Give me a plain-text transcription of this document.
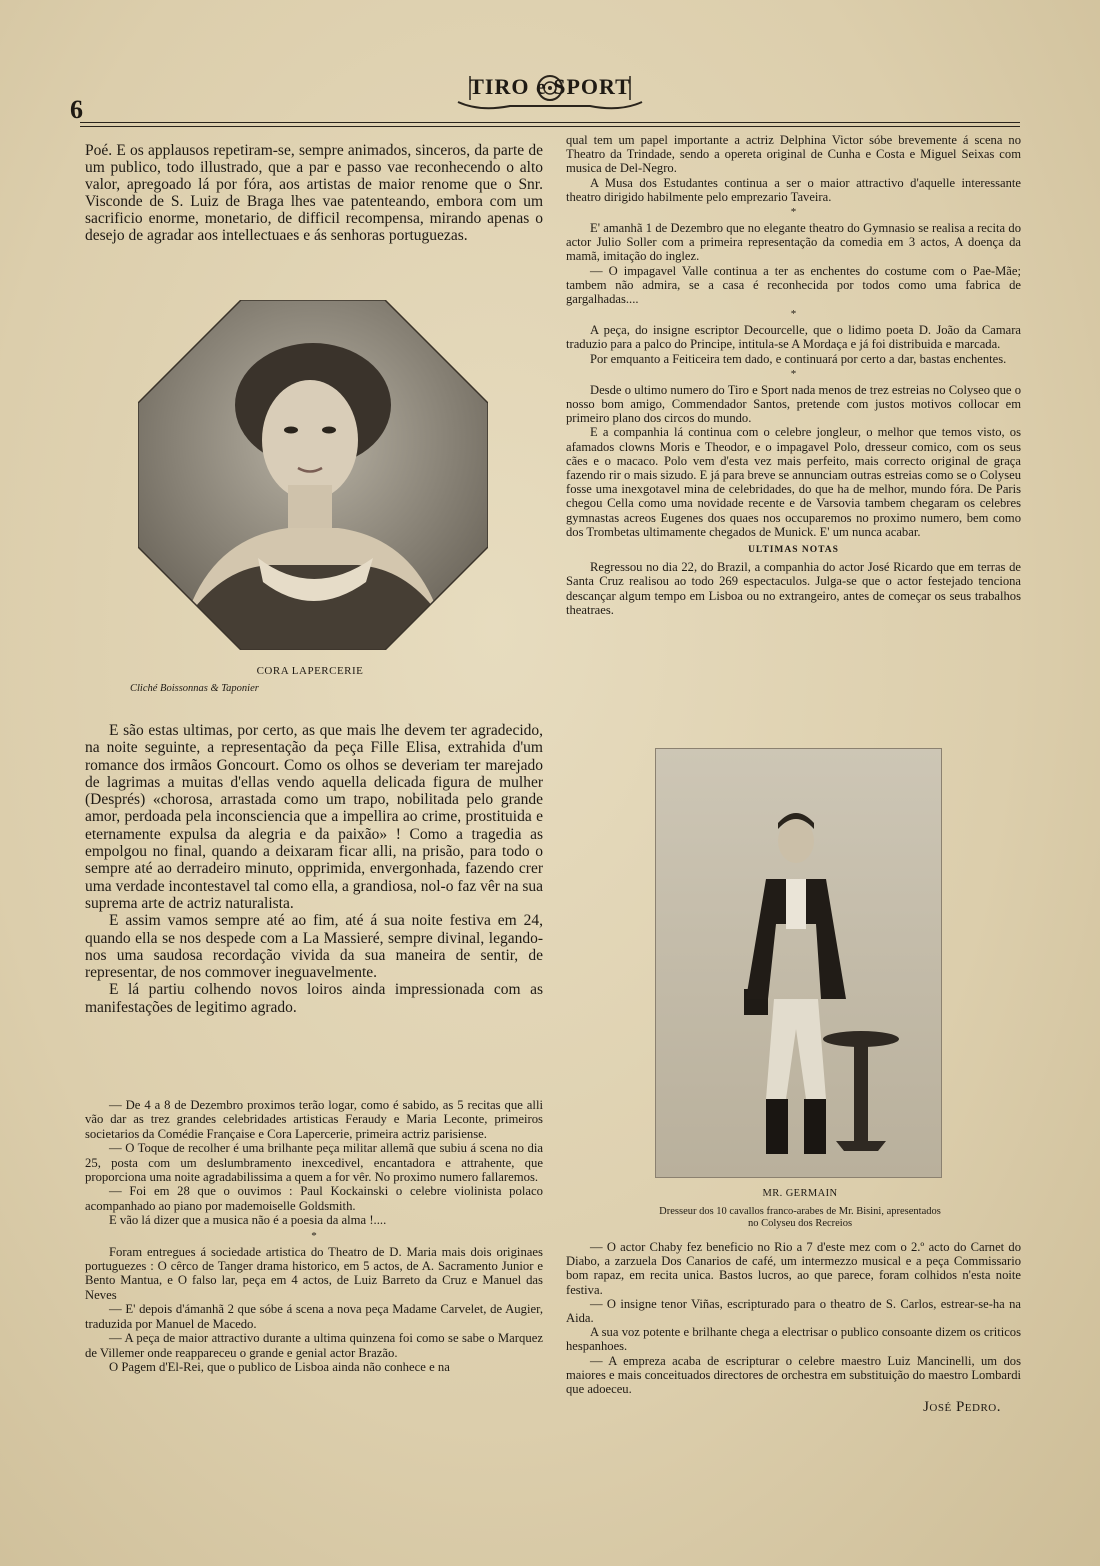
6
TIRO e SPORT

Poé. E os applausos repetiram-se, sempre animados, sinceros, da parte de um publico, todo illustrado, que a par e passo vae reconhecendo o alto valor, apregoado lá por fóra, aos artistas de maior renome que o Snr. Visconde de S. Luiz de Braga lhes vae patenteando, embora com um sacrificio enorme, monetario, de difficil recompensa, mirando apenas o desejo de agradar aos intellectuaes e ás senhoras portuguezas.

CORA LAPERCERIE
Cliché Boissonnas & Taponier

E são estas ultimas, por certo, as que mais lhe devem ter agradecido, na noite seguinte, a representação da peça Fille Elisa, extrahida d'um romance dos irmãos Goncourt. Como os olhos se deveriam ter marejado de lagrimas a muitas d'ellas vendo aquella delicada figura de mulher (Després) «chorosa, arrastada como um trapo, nobilitada pelo grande amor, perdoada pela inconsciencia que a impellira ao crime, prostituida e eternamente expulsa da alegria e da paixão» ! Como a tragedia as empolgou no final, quando a deixaram ficar alli, na prisão, para todo o sempre até ao derradeiro minuto, opprimida, envergonhada, fazendo crer uma verdade incontestavel tal como ella, a grandiosa, nol-o faz vêr na sua suprema arte de actriz naturalista.

E assim vamos sempre até ao fim, até á sua noite festiva em 24, quando ella se nos despede com a La Massieré, sempre divinal, legando-nos uma saudosa recordação vivida da sua maneira de sentir, de representar, de nos commover ineguavelmente.

E lá partiu colhendo novos loiros ainda impressionada com as manifestações de legitimo agrado.

— De 4 a 8 de Dezembro proximos terão logar, como é sabido, as 5 recitas que alli vão dar as trez grandes celebridades artisticas Feraudy e Maria Leconte, primeiros societarios da Comédie Française e Cora Lapercerie, primeira actriz parisiense.

— O Toque de recolher é uma brilhante peça militar allemã que subiu á scena no dia 25, posta com um deslumbramento inexcedivel, encantadora e attrahente, que proporciona uma noite agradabilissima a quem a for vêr. No proximo numero fallaremos.

— Foi em 28 que o ouvimos : Paul Kockainski o celebre violinista polaco acompanhado ao piano por mademoiselle Goldsmith.

E vão lá dizer que a musica não é a poesia da alma !....

*

Foram entregues á sociedade artistica do Theatro de D. Maria mais dois originaes portuguezes : O cêrco de Tanger drama historico, em 5 actos, de A. Sacramento Junior e Bento Mantua, e O falso lar, peça em 4 actos, de Luiz Barreto da Cruz e Manuel das Neves

— E' depois d'ámanhã 2 que sóbe á scena a nova peça Madame Carvelet, de Augier, traduzida por Manuel de Macedo.

— A peça de maior attractivo durante a ultima quinzena foi como se sabe o Marquez de Villemer onde reappareceu o grande e genial actor Brazão.

O Pagem d'El-Rei, que o publico de Lisboa ainda não conhece e na

qual tem um papel importante a actriz Delphina Victor sóbe brevemente á scena no Theatro da Trindade, sendo a opereta original de Cunha e Costa e Miguel Seixas com musica de Del-Negro.

A Musa dos Estudantes continua a ser o maior attractivo d'aquelle interessante theatro dirigido habilmente pelo emprezario Taveira.

*

E' amanhã 1 de Dezembro que no elegante theatro do Gymnasio se realisa a recita do actor Julio Soller com a primeira representação da comedia em 3 actos, A doença da mamã, imitação do inglez.

— O impagavel Valle continua a ter as enchentes do costume com o Pae-Mãe; tambem não admira, se a casa é reconhecida por todos como uma fabrica de gargalhadas....

*

A peça, do insigne escriptor Decourcelle, que o lidimo poeta D. João da Camara traduzio para a palco do Principe, intitula-se A Mordaça e já foi distribuida e marcada.

Por emquanto a Feiticeira tem dado, e continuará por certo a dar, bastas enchentes.

*

Desde o ultimo numero do Tiro e Sport nada menos de trez estreias no Colyseo que o nosso bom amigo, Commendador Santos, pretende com justos motivos collocar em primeiro plano dos circos do mundo.

E a companhia lá continua com o celebre jongleur, o melhor que temos visto, os afamados clowns Moris e Theodor, e o impagavel Polo, dresseur comico, com os seus cães e o macaco. Polo vem d'esta vez mais perfeito, mais correcto original de graça fazendo rir o mais sizudo. E já para breve se annunciam outras estreias como se o Colyseu fosse uma inexgotavel mina de celebridades, do que ha de melhor, mundo fóra. De Paris chegou Cella como uma novidade recente e de Varsovia tambem chegaram os celebres gymnastas acreos Eugenes dos quaes nos occuparemos no proximo numero, bem como dos Trombetas ultimamente chegados de Munick. E' um nunca acabar.

ULTIMAS NOTAS

Regressou no dia 22, do Brazil, a companhia do actor José Ricardo que em terras de Santa Cruz realisou ao todo 269 espectaculos. Julga-se que o actor festejado tenciona descançar algum tempo em Lisboa ou no extrangeiro, antes de começar os seus trabalhos theatraes.

MR. GERMAIN
Dresseur dos 10 cavallos franco-arabes de Mr. Bisini, apresentados no Colyseu dos Recreios

— O actor Chaby fez beneficio no Rio a 7 d'este mez com o 2.º acto do Carnet do Diabo, a zarzuela Dos Canarios de café, um intermezzo musical e a peça Commissario bom rapaz, em recita unica. Bastos lucros, ao que parece, foram colhidos n'esta noite festiva.

— O insigne tenor Viñas, escripturado para o theatro de S. Carlos, estrear-se-ha na Aida.

A sua voz potente e brilhante chega a electrisar o publico consoante dizem os criticos hespanhoes.

— A empreza acaba de escripturar o celebre maestro Luiz Mancinelli, um dos maiores e mais conceituados directores de orchestra em substituição do maestro Lombardi que adoeceu.

José Pedro.
